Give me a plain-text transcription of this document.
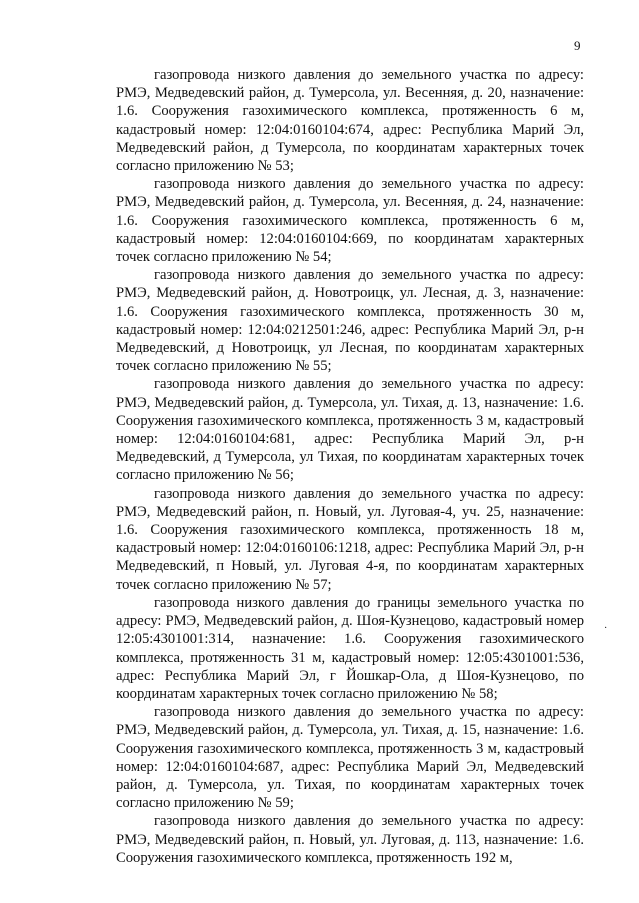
9

газопровода низкого давления до земельного участка по адресу: РМЭ, Медведевский район, д. Тумерсола, ул. Весенняя, д. 20, назначение: 1.6. Сооружения газохимического комплекса, протяженность 6 м, кадастровый номер: 12:04:0160104:674, адрес: Республика Марий Эл, Медведевский район, д Тумерсола, по координатам характерных точек согласно приложению № 53;

газопровода низкого давления до земельного участка по адресу: РМЭ, Медведевский район, д. Тумерсола, ул. Весенняя, д. 24, назначение: 1.6. Сооружения газохимического комплекса, протяженность 6 м, кадастровый номер: 12:04:0160104:669, по координатам характерных точек согласно приложению № 54;

газопровода низкого давления до земельного участка по адресу: РМЭ, Медведевский район, д. Новотроицк, ул. Лесная, д. 3, назначение: 1.6. Сооружения газохимического комплекса, протяженность 30 м, кадастровый номер: 12:04:0212501:246, адрес: Республика Марий Эл, р-н Медведевский, д Новотроицк, ул Лесная, по координатам характерных точек согласно приложению № 55;

газопровода низкого давления до земельного участка по адресу: РМЭ, Медведевский район, д. Тумерсола, ул. Тихая, д. 13, назначение: 1.6. Сооружения газохимического комплекса, протяженность 3 м, кадастровый номер: 12:04:0160104:681, адрес: Республика Марий Эл, р-н Медведевский, д Тумерсола, ул Тихая, по координатам характерных точек согласно приложению № 56;

газопровода низкого давления до земельного участка по адресу: РМЭ, Медведевский район, п. Новый, ул. Луговая-4, уч. 25, назначение: 1.6. Сооружения газохимического комплекса, протяженность 18 м, кадастровый номер: 12:04:0160106:1218, адрес: Республика Марий Эл, р-н Медведевский, п Новый, ул. Луговая 4-я, по координатам характерных точек согласно приложению № 57;

газопровода низкого давления до границы земельного участка по адресу: РМЭ, Медведевский район, д. Шоя-Кузнецово, кадастровый номер 12:05:4301001:314, назначение: 1.6. Сооружения газохимического комплекса, протяженность 31 м, кадастровый номер: 12:05:4301001:536, адрес: Республика Марий Эл, г Йошкар-Ола, д Шоя-Кузнецово, по координатам характерных точек согласно приложению № 58;

газопровода низкого давления до земельного участка по адресу: РМЭ, Медведевский район, д. Тумерсола, ул. Тихая, д. 15, назначение: 1.6. Сооружения газохимического комплекса, протяженность 3 м, кадастровый номер: 12:04:0160104:687, адрес: Республика Марий Эл, Медведевский район, д. Тумерсола, ул. Тихая, по координатам характерных точек согласно приложению № 59;

газопровода низкого давления до земельного участка по адресу: РМЭ, Медведевский район, п. Новый, ул. Луговая, д. 113, назначение: 1.6. Сооружения газохимического комплекса, протяженность 192 м,

·
